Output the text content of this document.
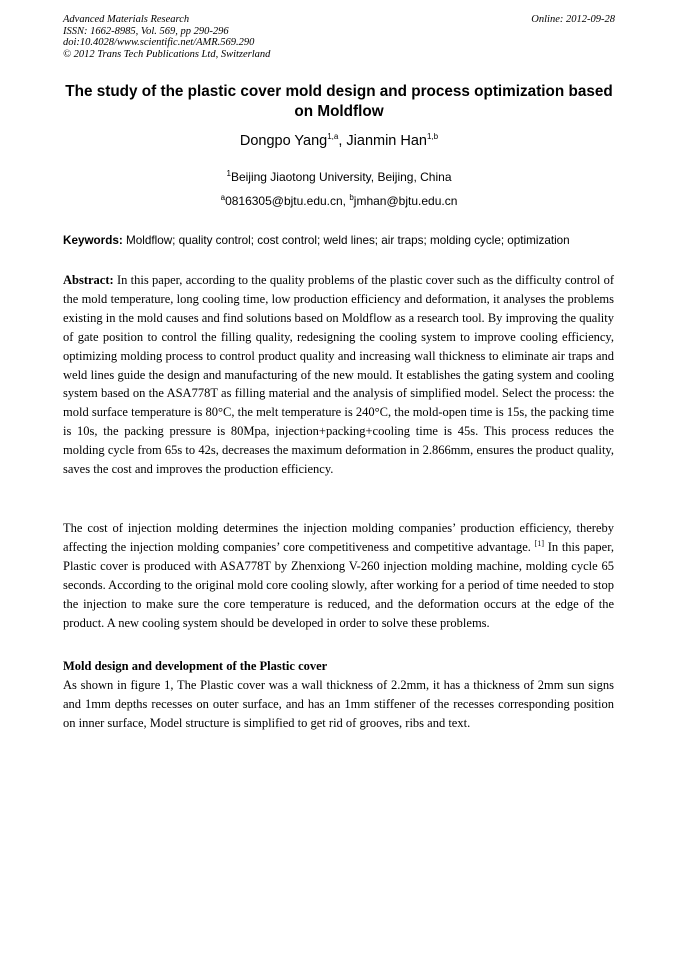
Advanced Materials Research
ISSN: 1662-8985, Vol. 569, pp 290-296
doi:10.4028/www.scientific.net/AMR.569.290
© 2012 Trans Tech Publications Ltd, Switzerland
Online: 2012-09-28
The study of the plastic cover mold design and process optimization based on Moldflow
Dongpo Yang$^{1,a}$, Jianmin Han$^{1,b}$
$^1$Beijing Jiaotong University, Beijing, China
$^a$0816305@bjtu.edu.cn, $^b$jmhan@bjtu.edu.cn
Keywords: Moldflow; quality control; cost control; weld lines; air traps; molding cycle; optimization

Abstract: In this paper, according to the quality problems of the plastic cover such as the difficulty control of the mold temperature, long cooling time, low production efficiency and deformation, it analyses the problems existing in the mold causes and find solutions based on Moldflow as a research tool. By improving the quality of gate position to control the filling quality, redesigning the cooling system to improve cooling efficiency, optimizing molding process to control product quality and increasing wall thickness to eliminate air traps and weld lines guide the design and manufacturing of the new mould. It establishes the gating system and cooling system based on the ASA778T as filling material and the analysis of simplified model. Select the process: the mold surface temperature is 80°C, the melt temperature is 240°C, the mold-open time is 15s, the packing time is 10s, the packing pressure is 80Mpa, injection+packing+cooling time is 45s. This process reduces the molding cycle from 65s to 42s, decreases the maximum deformation in 2.866mm, ensures the product quality, saves the cost and improves the production efficiency.

The cost of injection molding determines the injection molding companies’ production efficiency, thereby affecting the injection molding companies’ core competitiveness and competitive advantage. [1] In this paper, Plastic cover is produced with ASA778T by Zhenxiong V-260 injection molding machine, molding cycle 65 seconds. According to the original mold core cooling slowly, after working for a period of time needed to stop the injection to make sure the core temperature is reduced, and the deformation occurs at the edge of the product. A new cooling system should be developed in order to solve these problems.

Mold design and development of the Plastic cover

As shown in figure 1, The Plastic cover was a wall thickness of 2.2mm, it has a thickness of 2mm sun signs and 1mm depths recesses on outer surface, and has an 1mm stiffener of the recesses corresponding position on inner surface, Model structure is simplified to get rid of grooves, ribs and text.
